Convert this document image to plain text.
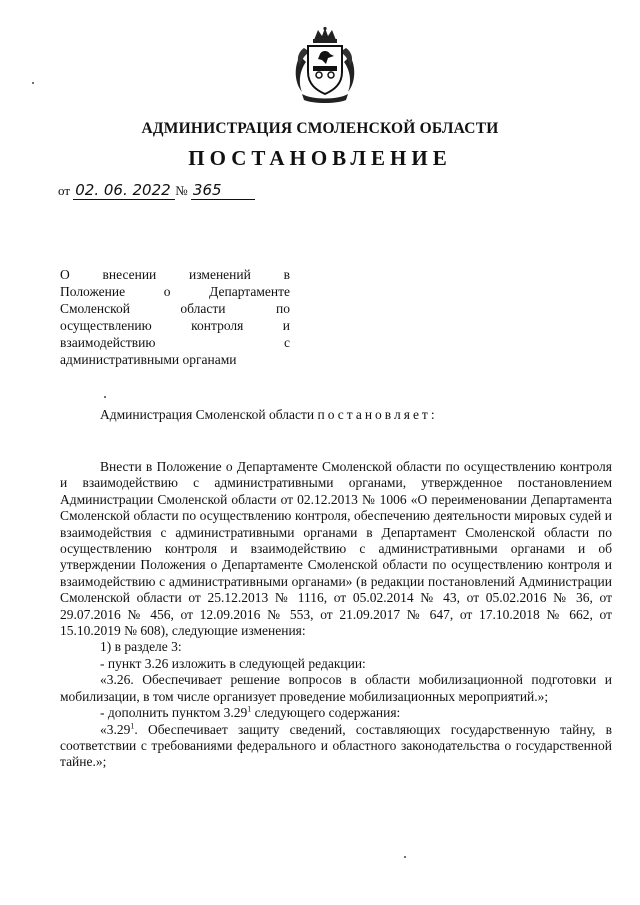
АДМИНИСТРАЦИЯ СМОЛЕНСКОЙ ОБЛАСТИ
ПОСТАНОВЛЕНИЕ
от 02. 06. 2022 № 365
О внесении изменений в
Положение о Департаменте
Смоленской области по
осуществлению контроля и
взаимодействию с
административными органами
Администрация Смоленской области постановляет:

Внести в Положение о Департаменте Смоленской области по осуществлению контроля и взаимодействию с административными органами, утвержденное постановлением Администрации Смоленской области от 02.12.2013 № 1006 «О переименовании Департамента Смоленской области по осуществлению контроля, обеспечению деятельности мировых судей и взаимодействия с административными органами в Департамент Смоленской области по осуществлению контроля и взаимодействию с административными органами и об утверждении Положения о Департаменте Смоленской области по осуществлению контроля и взаимодействию с административными органами» (в редакции постановлений Администрации Смоленской области от 25.12.2013 № 1116, от 05.02.2014 № 43, от 05.02.2016 № 36, от 29.07.2016 № 456, от 12.09.2016 № 553, от 21.09.2017 № 647, от 17.10.2018 № 662, от 15.10.2019 № 608), следующие изменения:

1) в разделе 3:

- пункт 3.26 изложить в следующей редакции:

«3.26. Обеспечивает решение вопросов в области мобилизационной подготовки и мобилизации, в том числе организует проведение мобилизационных мероприятий.»;

- дополнить пунктом 3.29$^1$ следующего содержания:

«3.29$^1$. Обеспечивает защиту сведений, составляющих государственную тайну, в соответствии с требованиями федерального и областного законодательства о государственной тайне.»;
